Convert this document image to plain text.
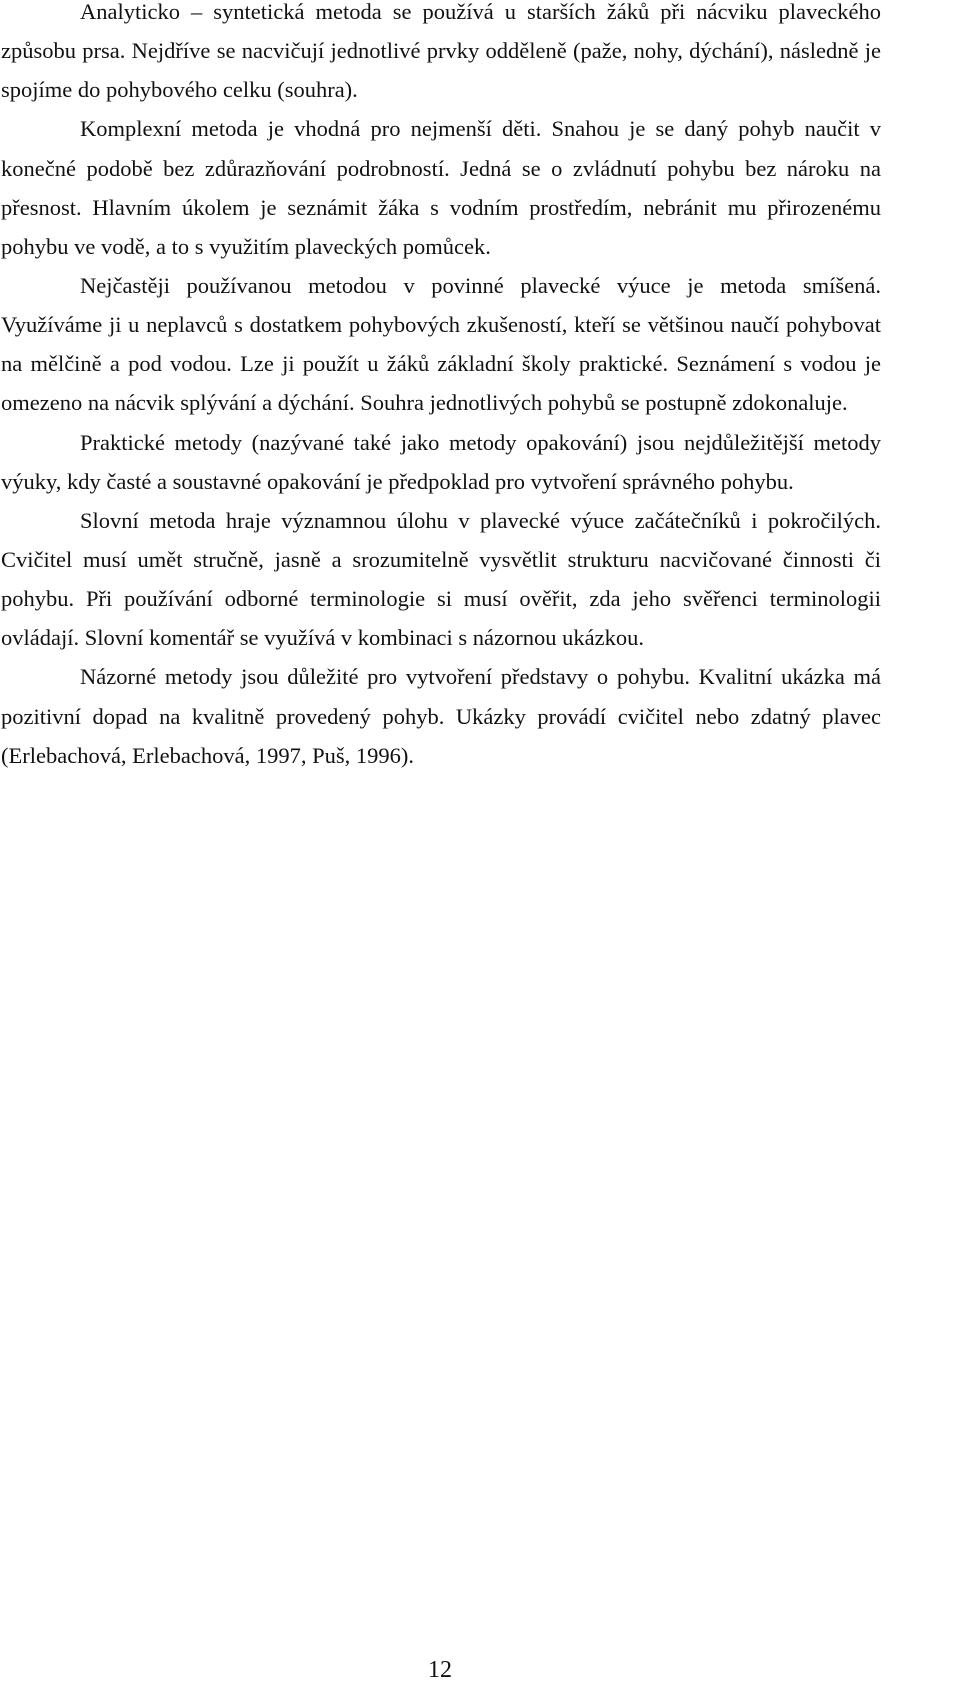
Analyticko – syntetická metoda se používá u starších žáků při nácviku plaveckého způsobu prsa. Nejdříve se nacvičují jednotlivé prvky odděleně (paže, nohy, dýchání), následně je spojíme do pohybového celku (souhra).

Komplexní metoda je vhodná pro nejmenší děti. Snahou je se daný pohyb naučit v konečné podobě bez zdůrazňování podrobností. Jedná se o zvládnutí pohybu bez nároku na přesnost. Hlavním úkolem je seznámit žáka s vodním prostředím, nebránit mu přirozenému pohybu ve vodě, a to s využitím plaveckých pomůcek.

Nejčastěji používanou metodou v povinné plavecké výuce je metoda smíšená. Využíváme ji u neplavců s dostatkem pohybových zkušeností, kteří se většinou naučí pohybovat na mělčině a pod vodou. Lze ji použít u žáků základní školy praktické. Seznámení s vodou je omezeno na nácvik splývání a dýchání. Souhra jednotlivých pohybů se postupně zdokonaluje.

Praktické metody (nazývané také jako metody opakování) jsou nejdůležitější metody výuky, kdy časté a soustavné opakování je předpoklad pro vytvoření správného pohybu.

Slovní metoda hraje významnou úlohu v plavecké výuce začátečníků i pokročilých. Cvičitel musí umět stručně, jasně a srozumitelně vysvětlit strukturu nacvičované činnosti či pohybu. Při používání odborné terminologie si musí ověřit, zda jeho svěřenci terminologii ovládají. Slovní komentář se využívá v kombinaci s názornou ukázkou.

Názorné metody jsou důležité pro vytvoření představy o pohybu. Kvalitní ukázka má pozitivní dopad na kvalitně provedený pohyb. Ukázky provádí cvičitel nebo zdatný plavec (Erlebachová, Erlebachová, 1997, Puš, 1996).

12
